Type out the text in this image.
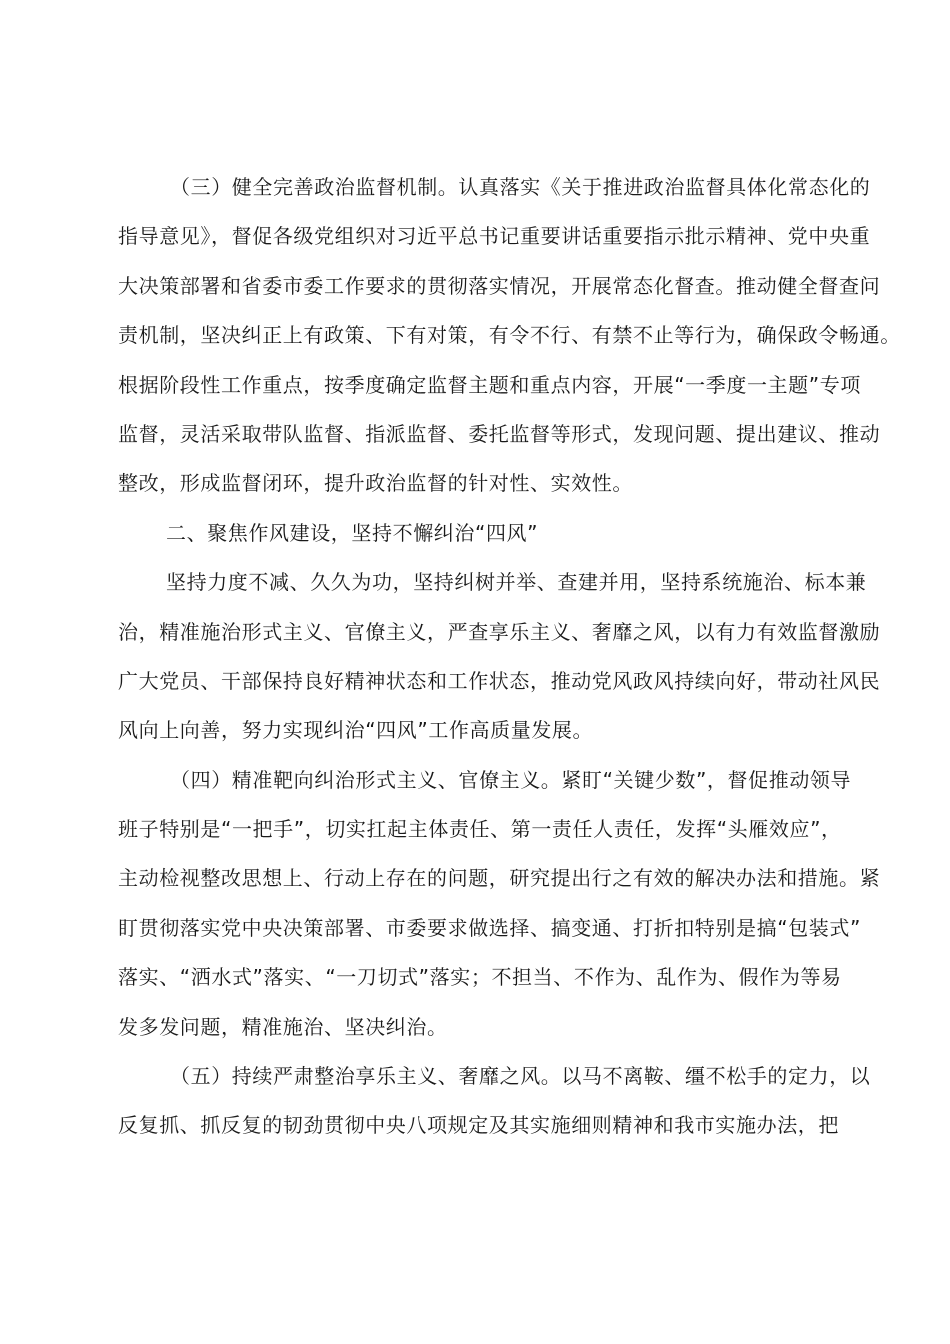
（三）健全完善政治监督机制。认真落实《关于推进政治监督具体化常态化的
指导意见》，督促各级党组织对习近平总书记重要讲话重要指示批示精神、党中央重
大决策部署和省委市委工作要求的贯彻落实情况，开展常态化督查。推动健全督查问
责机制，坚决纠正上有政策、下有对策，有令不行、有禁不止等行为，确保政令畅通。
根据阶段性工作重点，按季度确定监督主题和重点内容，开展“一季度一主题”专项
监督，灵活采取带队监督、指派监督、委托监督等形式，发现问题、提出建议、推动
整改，形成监督闭环，提升政治监督的针对性、实效性。
二、聚焦作风建设，坚持不懈纠治“四风”
坚持力度不减、久久为功，坚持纠树并举、查建并用，坚持系统施治、标本兼
治，精准施治形式主义、官僚主义，严查享乐主义、奢靡之风，以有力有效监督激励
广大党员、干部保持良好精神状态和工作状态，推动党风政风持续向好，带动社风民
风向上向善，努力实现纠治“四风”工作高质量发展。
（四）精准靶向纠治形式主义、官僚主义。紧盯“关键少数”，督促推动领导
班子特别是“一把手”，切实扛起主体责任、第一责任人责任，发挥“头雁效应”，
主动检视整改思想上、行动上存在的问题，研究提出行之有效的解决办法和措施。紧
盯贯彻落实党中央决策部署、市委要求做选择、搞变通、打折扣特别是搞“包装式”
落实、“洒水式”落实、“一刀切式”落实；不担当、不作为、乱作为、假作为等易
发多发问题，精准施治、坚决纠治。
（五）持续严肃整治享乐主义、奢靡之风。以马不离鞍、缰不松手的定力，以
反复抓、抓反复的韧劲贯彻中央八项规定及其实施细则精神和我市实施办法，把
